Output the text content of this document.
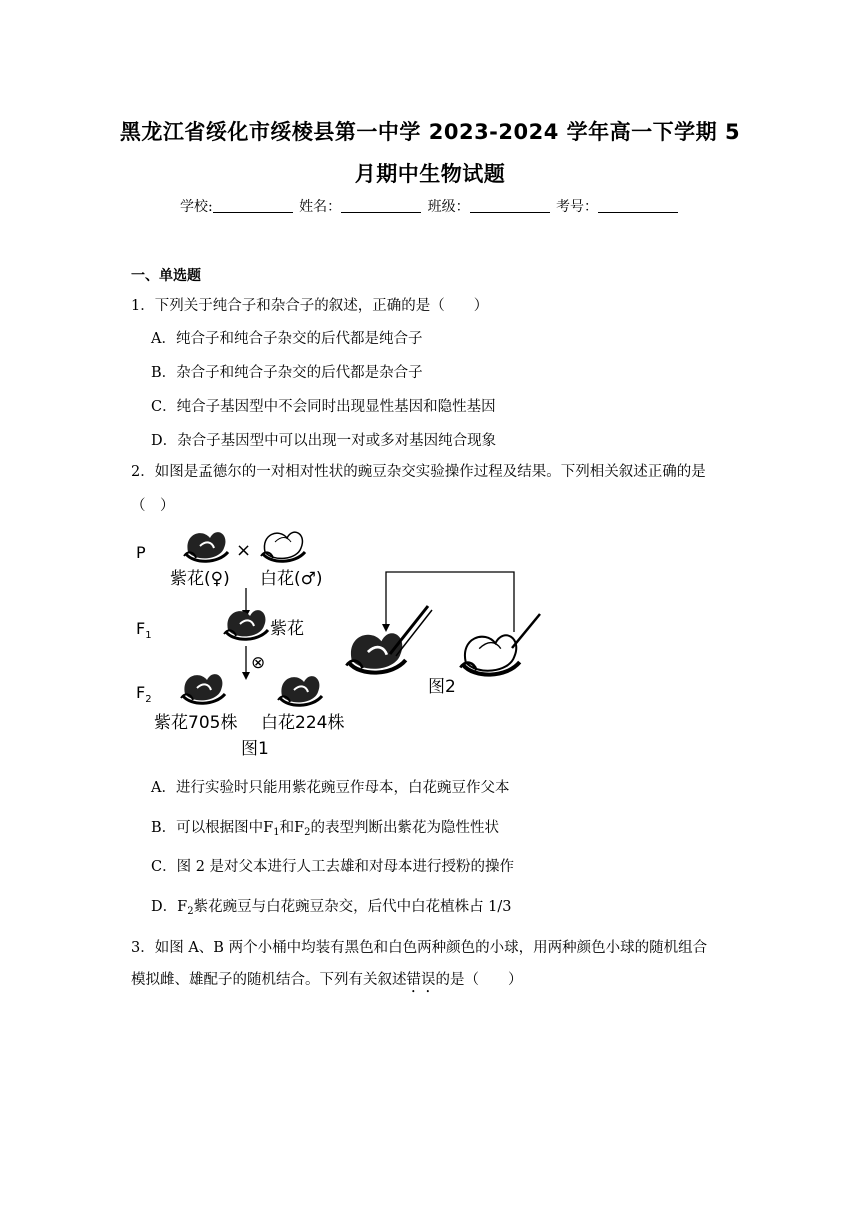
黑龙江省绥化市绥棱县第一中学 2023-2024 学年高一下学期 5
月期中生物试题
学校:	姓名：	班级：	考号：
一、单选题
1．下列关于纯合子和杂合子的叙述，正确的是（　　）
A．纯合子和纯合子杂交的后代都是纯合子
B．杂合子和纯合子杂交的后代都是杂合子
C．纯合子基因型中不会同时出现显性基因和隐性基因
D．杂合子基因型中可以出现一对或多对基因纯合现象
2．如图是孟德尔的一对相对性状的豌豆杂交实验操作过程及结果。下列相关叙述正确的是
（　）
P	×
紫花(♀) 白花(♂)
$F_1$	紫花
⊗
$F_2$
紫花705株 白花224株
图1
图2
A．进行实验时只能用紫花豌豆作母本，白花豌豆作父本
B．可以根据图中$F_1$和$F_2$的表型判断出紫花为隐性性状
C．图 2 是对父本进行人工去雄和对母本进行授粉的操作
D．$F_2$紫花豌豆与白花豌豆杂交，后代中白花植株占 1/3
3．如图 A、B 两个小桶中均装有黑色和白色两种颜色的小球，用两种颜色小球的随机组合
模拟雌、雄配子的随机结合。下列有关叙述错误的是（　　）
